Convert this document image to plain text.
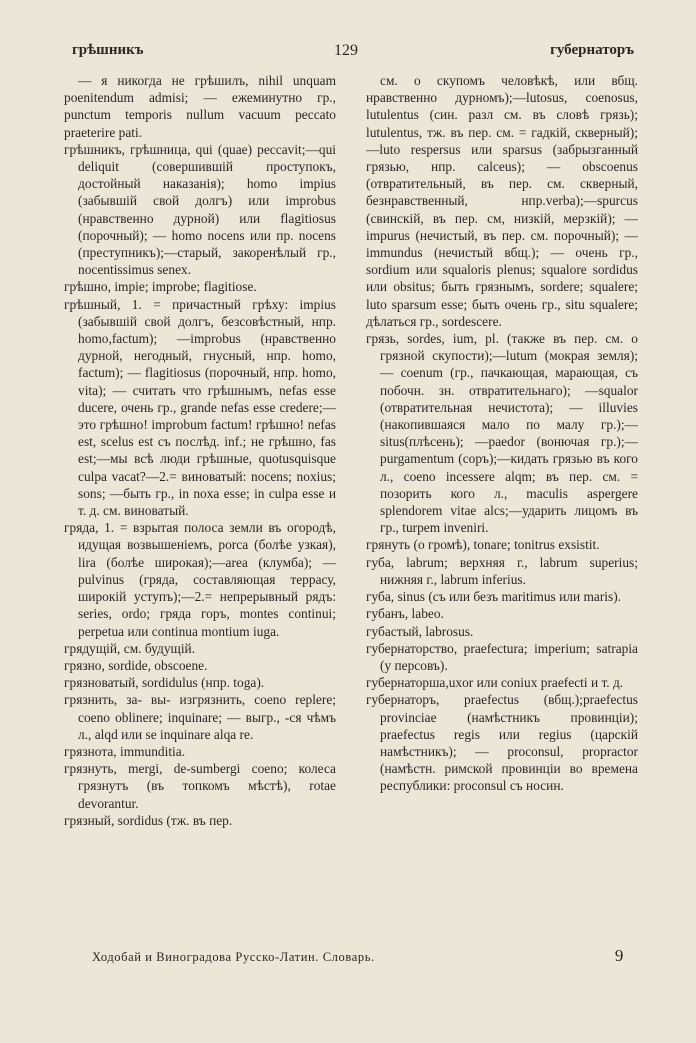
грѣшникъ	129	губернаторъ

— я никогда не грѣшилъ, nihil unquam poenitendum admisi; — ежеминутно гр., punctum temporis nullum vacuum peccato praeterire pati.

грѣшникъ, грѣшница, qui (quae) peccavit;—qui deliquit (совершившій проступокъ, достойный наказанія); homo impius (забывшій свой долгъ) или improbus (нравственно дурной) или flagitiosus (порочный); — homo nocens или пр. nocens (преступникъ);—старый, закоренѣлый гр., nocentissimus senex.

грѣшно, impie; improbe; flagitiose.

грѣшный, 1. = причастный грѣху: impius (забывшій свой долгъ, безсовѣстный, нпр. homo,factum); —improbus (нравственно дурной, негодный, гнусный, нпр. homo, factum); — flagitiosus (порочный, нпр. homo, vita); — считать что грѣшнымъ, nefas esse ducere, очень гр., grande nefas esse credere;—это грѣшно! improbum factum! грѣшно! nefas est, scelus est съ послѣд. inf.; не грѣшно, fas est;—мы всѣ люди грѣшные, quotusquisque culpa vacat?—2.= виноватый: nocens; noxius; sons; —быть гр., in noxa esse; in culpa esse и т. д. см. виноватый.

гряда, 1. = взрытая полоса земли въ огородѣ, идущая возвышеніемъ, porca (болѣе узкая), lira (болѣе широкая);—area (клумба); —pulvinus (гряда, составляющая террасу, широкій уступъ);—2.= непрерывный рядъ: series, ordo; гряда горъ, montes continui; perpetua или continua montium iuga.

грядущій, см. будущій.

грязно, sordide, obscoene.

грязноватый, sordidulus (нпр. toga).

грязнить, за- вы- изгрязнить, coeno replere; coeno oblinere; inquinare; — выгр., -ся чѣмъ л., alqd или se inquinare alqa re.

грязнота, immunditia.

грязнуть, mergi, de-sumbergi coeno; колеса грязнутъ (въ топкомъ мѣстѣ), rotae devorantur.

грязный, sordidus (тж. въ пер.

см. о скупомъ человѣкѣ, или вбщ. нравственно дурномъ);—lutosus, coenosus, lutulentus (син. разл см. въ словѣ грязь); lutulentus, тж. въ пер. см. = гадкій, скверный);—luto respersus или sparsus (забрызганный грязью, нпр. calceus); — obscoenus (отвратительный, въ пер. см. скверный, безнравственный, нпр.verba);—spurcus (свинскій, въ пер. см, низкій, мерзкій); — impurus (нечистый, въ пер. см. порочный); — immundus (нечистый вбщ.); — очень гр., sordium или squaloris plenus; squalore sordidus или obsitus; быть грязнымъ, sordere; squalere; luto sparsum esse; быть очень гр., situ squalere; дѣлаться гр., sordescere.

грязь, sordes, ium, pl. (также въ пер. см. о грязной скупости);—lutum (мокрая земля); — coenum (гр., пачкающая, марающая, съ побочн. зн. отвратительнаго); —squalor (отвратительная нечистота); — illuvies (накопившаяся мало по малу гр.);—situs(плѣсень); —paedor (вонючая гр.);—purgamentum (соръ);—кидать грязью въ кого л., coeno incessere alqm; въ пер. см. = позорить кого л., maculis aspergere splendorem vitae alcs;—ударить лицомъ въ гр., turpem inveniri.

грянуть (о громѣ), tonare; tonitrus exsistit.

губа, labrum; верхняя г., labrum superius; нижняя г., labrum inferius.

губа, sinus (съ или безъ maritimus или maris).

губанъ, labeo.

губастый, labrosus.

губернаторство, praefectura; imperium; satrapia (у персовъ).

губернаторша,uxor или coniux praefecti и т. д.

губернаторъ, praefectus (вбщ.);praefectus provinciae (намѣстникъ провинціи); praefectus regis или regius (царскій намѣстникъ); — proconsul, propractor (намѣстн. римской провинціи во времена республики: proconsul съ носин.

Ходобай и Виноградова Русско-Латин. Словарь.	9
